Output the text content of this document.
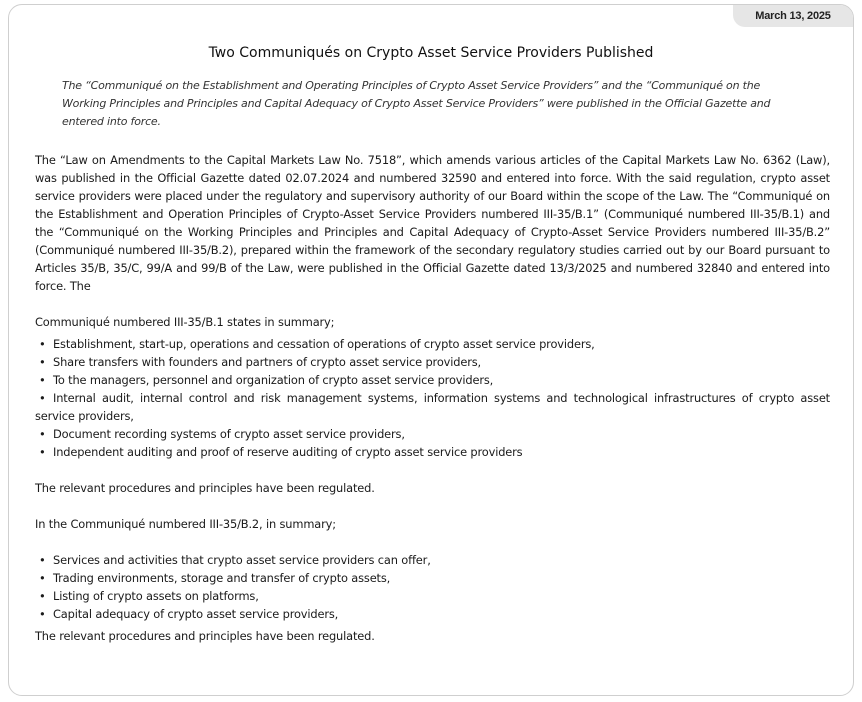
March 13, 2025
Two Communiqués on Crypto Asset Service Providers Published
The “Communiqué on the Establishment and Operating Principles of Crypto Asset Service Providers” and the “Communiqué on the Working Principles and Principles and Capital Adequacy of Crypto Asset Service Providers” were published in the Official Gazette and entered into force.

The “Law on Amendments to the Capital Markets Law No. 7518”, which amends various articles of the Capital Markets Law No. 6362 (Law), was published in the Official Gazette dated 02.07.2024 and numbered 32590 and entered into force. With the said regulation, crypto asset service providers were placed under the regulatory and supervisory authority of our Board within the scope of the Law. The “Communiqué on the Establishment and Operation Principles of Crypto-Asset Service Providers numbered III-35/B.1” (Communiqué numbered III-35/B.1) and the “Communiqué on the Working Principles and Principles and Capital Adequacy of Crypto-Asset Service Providers numbered III-35/B.2” (Communiqué numbered III-35/B.2), prepared within the framework of the secondary regulatory studies carried out by our Board pursuant to Articles 35/B, 35/C, 99/A and 99/B of the Law, were published in the Official Gazette dated 13/3/2025 and numbered 32840 and entered into force. The

Communiqué numbered III-35/B.1 states in summary;

• Establishment, start-up, operations and cessation of operations of crypto asset service providers,
• Share transfers with founders and partners of crypto asset service providers,
• To the managers, personnel and organization of crypto asset service providers,
• Internal audit, internal control and risk management systems, information systems and technological infrastructures of crypto asset service providers,
• Document recording systems of crypto asset service providers,
• Independent auditing and proof of reserve auditing of crypto asset service providers

The relevant procedures and principles have been regulated.

In the Communiqué numbered III-35/B.2, in summary;

• Services and activities that crypto asset service providers can offer,
• Trading environments, storage and transfer of crypto assets,
• Listing of crypto assets on platforms,
• Capital adequacy of crypto asset service providers,

The relevant procedures and principles have been regulated.
